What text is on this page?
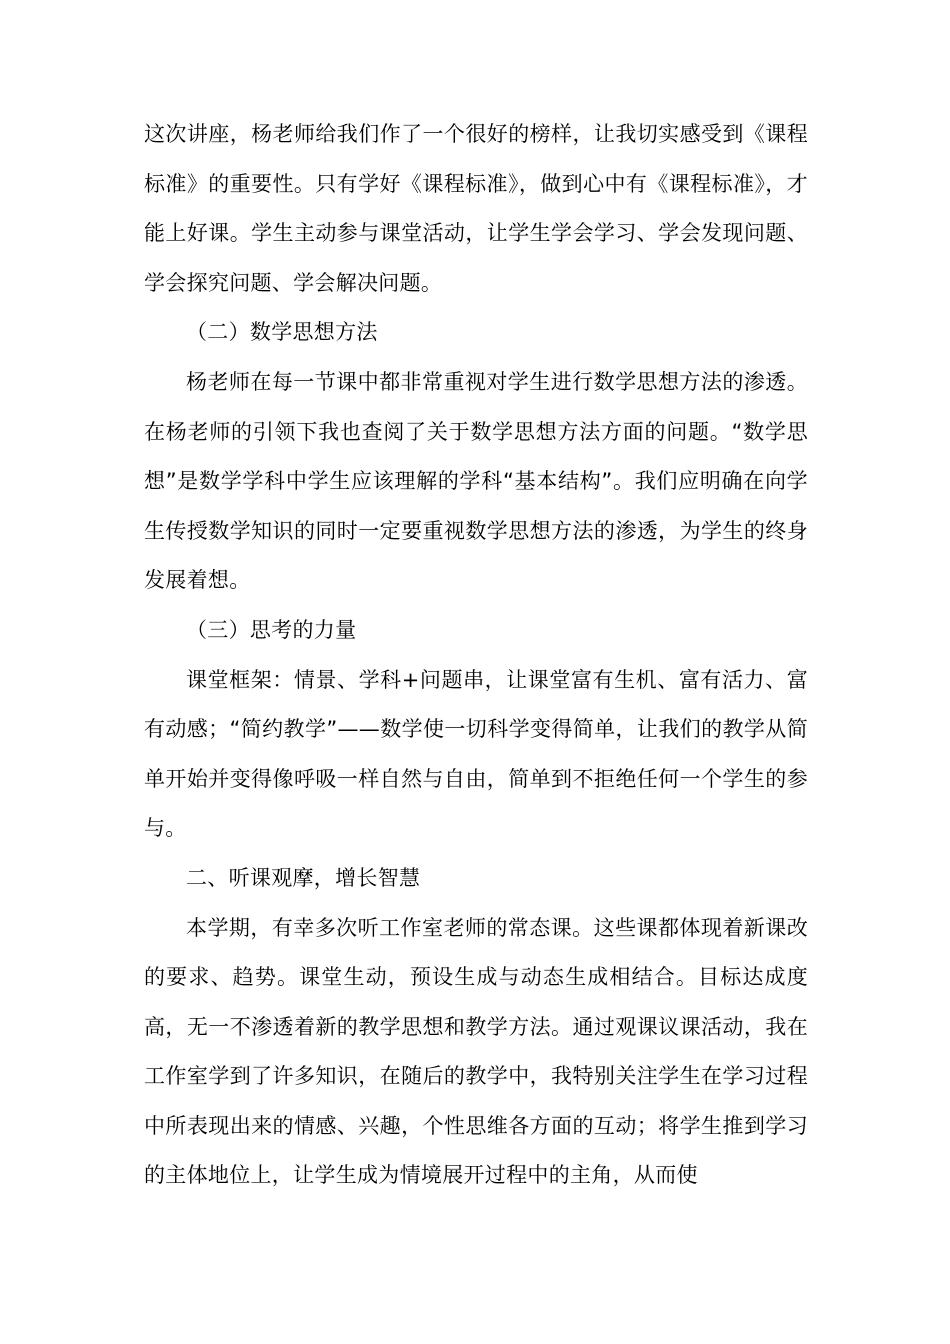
这次讲座，杨老师给我们作了一个很好的榜样，让我切实感受到《课程标准》的重要性。只有学好《课程标准》，做到心中有《课程标准》，才能上好课。学生主动参与课堂活动，让学生学会学习、学会发现问题、学会探究问题、学会解决问题。

（二）数学思想方法

杨老师在每一节课中都非常重视对学生进行数学思想方法的渗透。在杨老师的引领下我也查阅了关于数学思想方法方面的问题。“数学思想”是数学学科中学生应该理解的学科“基本结构”。我们应明确在向学生传授数学知识的同时一定要重视数学思想方法的渗透，为学生的终身发展着想。

（三）思考的力量

课堂框架：情景、学科+问题串，让课堂富有生机、富有活力、富有动感；“简约教学”——数学使一切科学变得简单，让我们的教学从简单开始并变得像呼吸一样自然与自由，简单到不拒绝任何一个学生的参与。

二、听课观摩，增长智慧

本学期，有幸多次听工作室老师的常态课。这些课都体现着新课改的要求、趋势。课堂生动，预设生成与动态生成相结合。目标达成度高，无一不渗透着新的教学思想和教学方法。通过观课议课活动，我在工作室学到了许多知识，在随后的教学中，我特别关注学生在学习过程中所表现出来的情感、兴趣，个性思维各方面的互动；将学生推到学习的主体地位上，让学生成为情境展开过程中的主角，从而使
